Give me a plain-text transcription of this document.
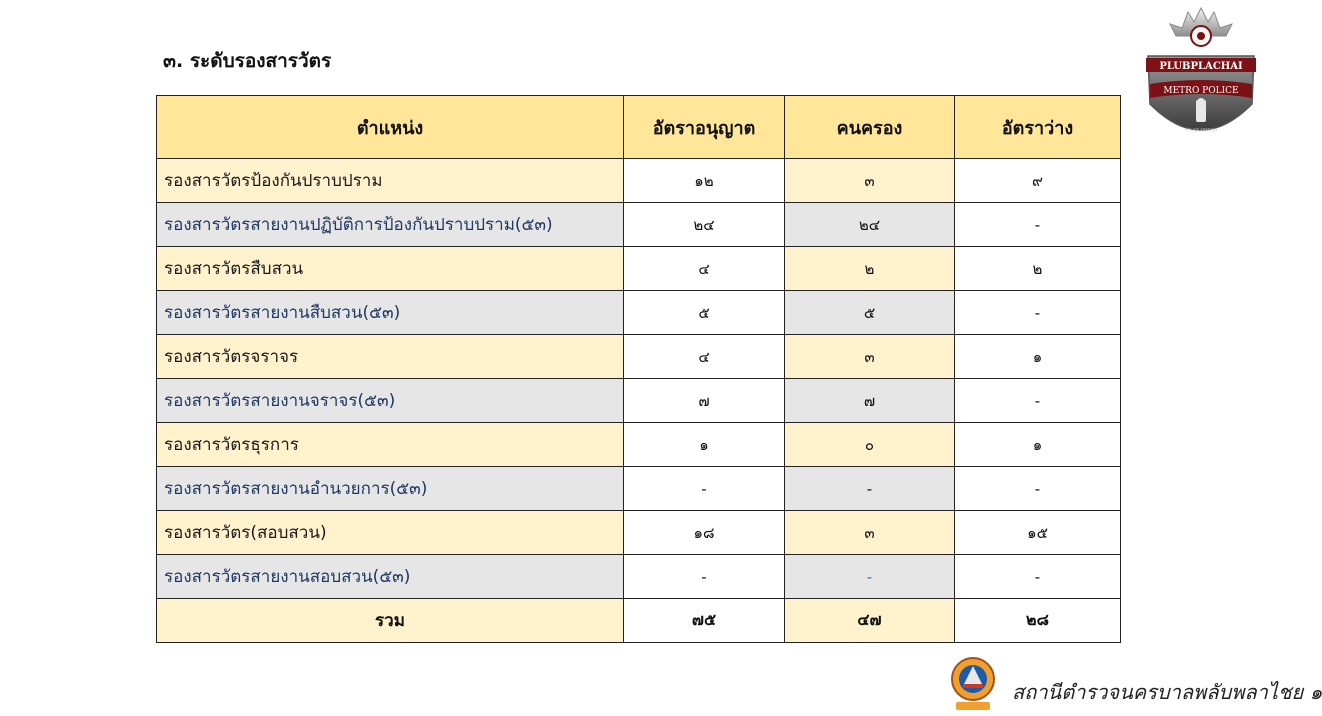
๓. ระดับรองสารวัตร
ตำแหน่ง	อัตราอนุญาต	คนครอง	อัตราว่าง
รองสารวัตรป้องกันปราบปราม	๑๒	๓	๙
รองสารวัตรสายงานปฏิบัติการป้องกันปราบปราม(๕๓)	๒๔	๒๔	-
รองสารวัตรสืบสวน	๔	๒	๒
รองสารวัตรสายงานสืบสวน(๕๓)	๕	๕	-
รองสารวัตรจราจร	๔	๓	๑
รองสารวัตรสายงานจราจร(๕๓)	๗	๗	-
รองสารวัตรธุรการ	๑	๐	๑
รองสารวัตรสายงานอำนวยการ(๕๓)	-	-	-
รองสารวัตร(สอบสวน)	๑๘	๓	๑๕
รองสารวัตรสายงานสอบสวน(๕๓)	-	-	-
รวม	๗๕	๔๗	๒๘
PLUBPLACHAI
METRO POLICE
POLICE STATION
สถานีตำรวจนครบาลพลับพลาไชย ๑
